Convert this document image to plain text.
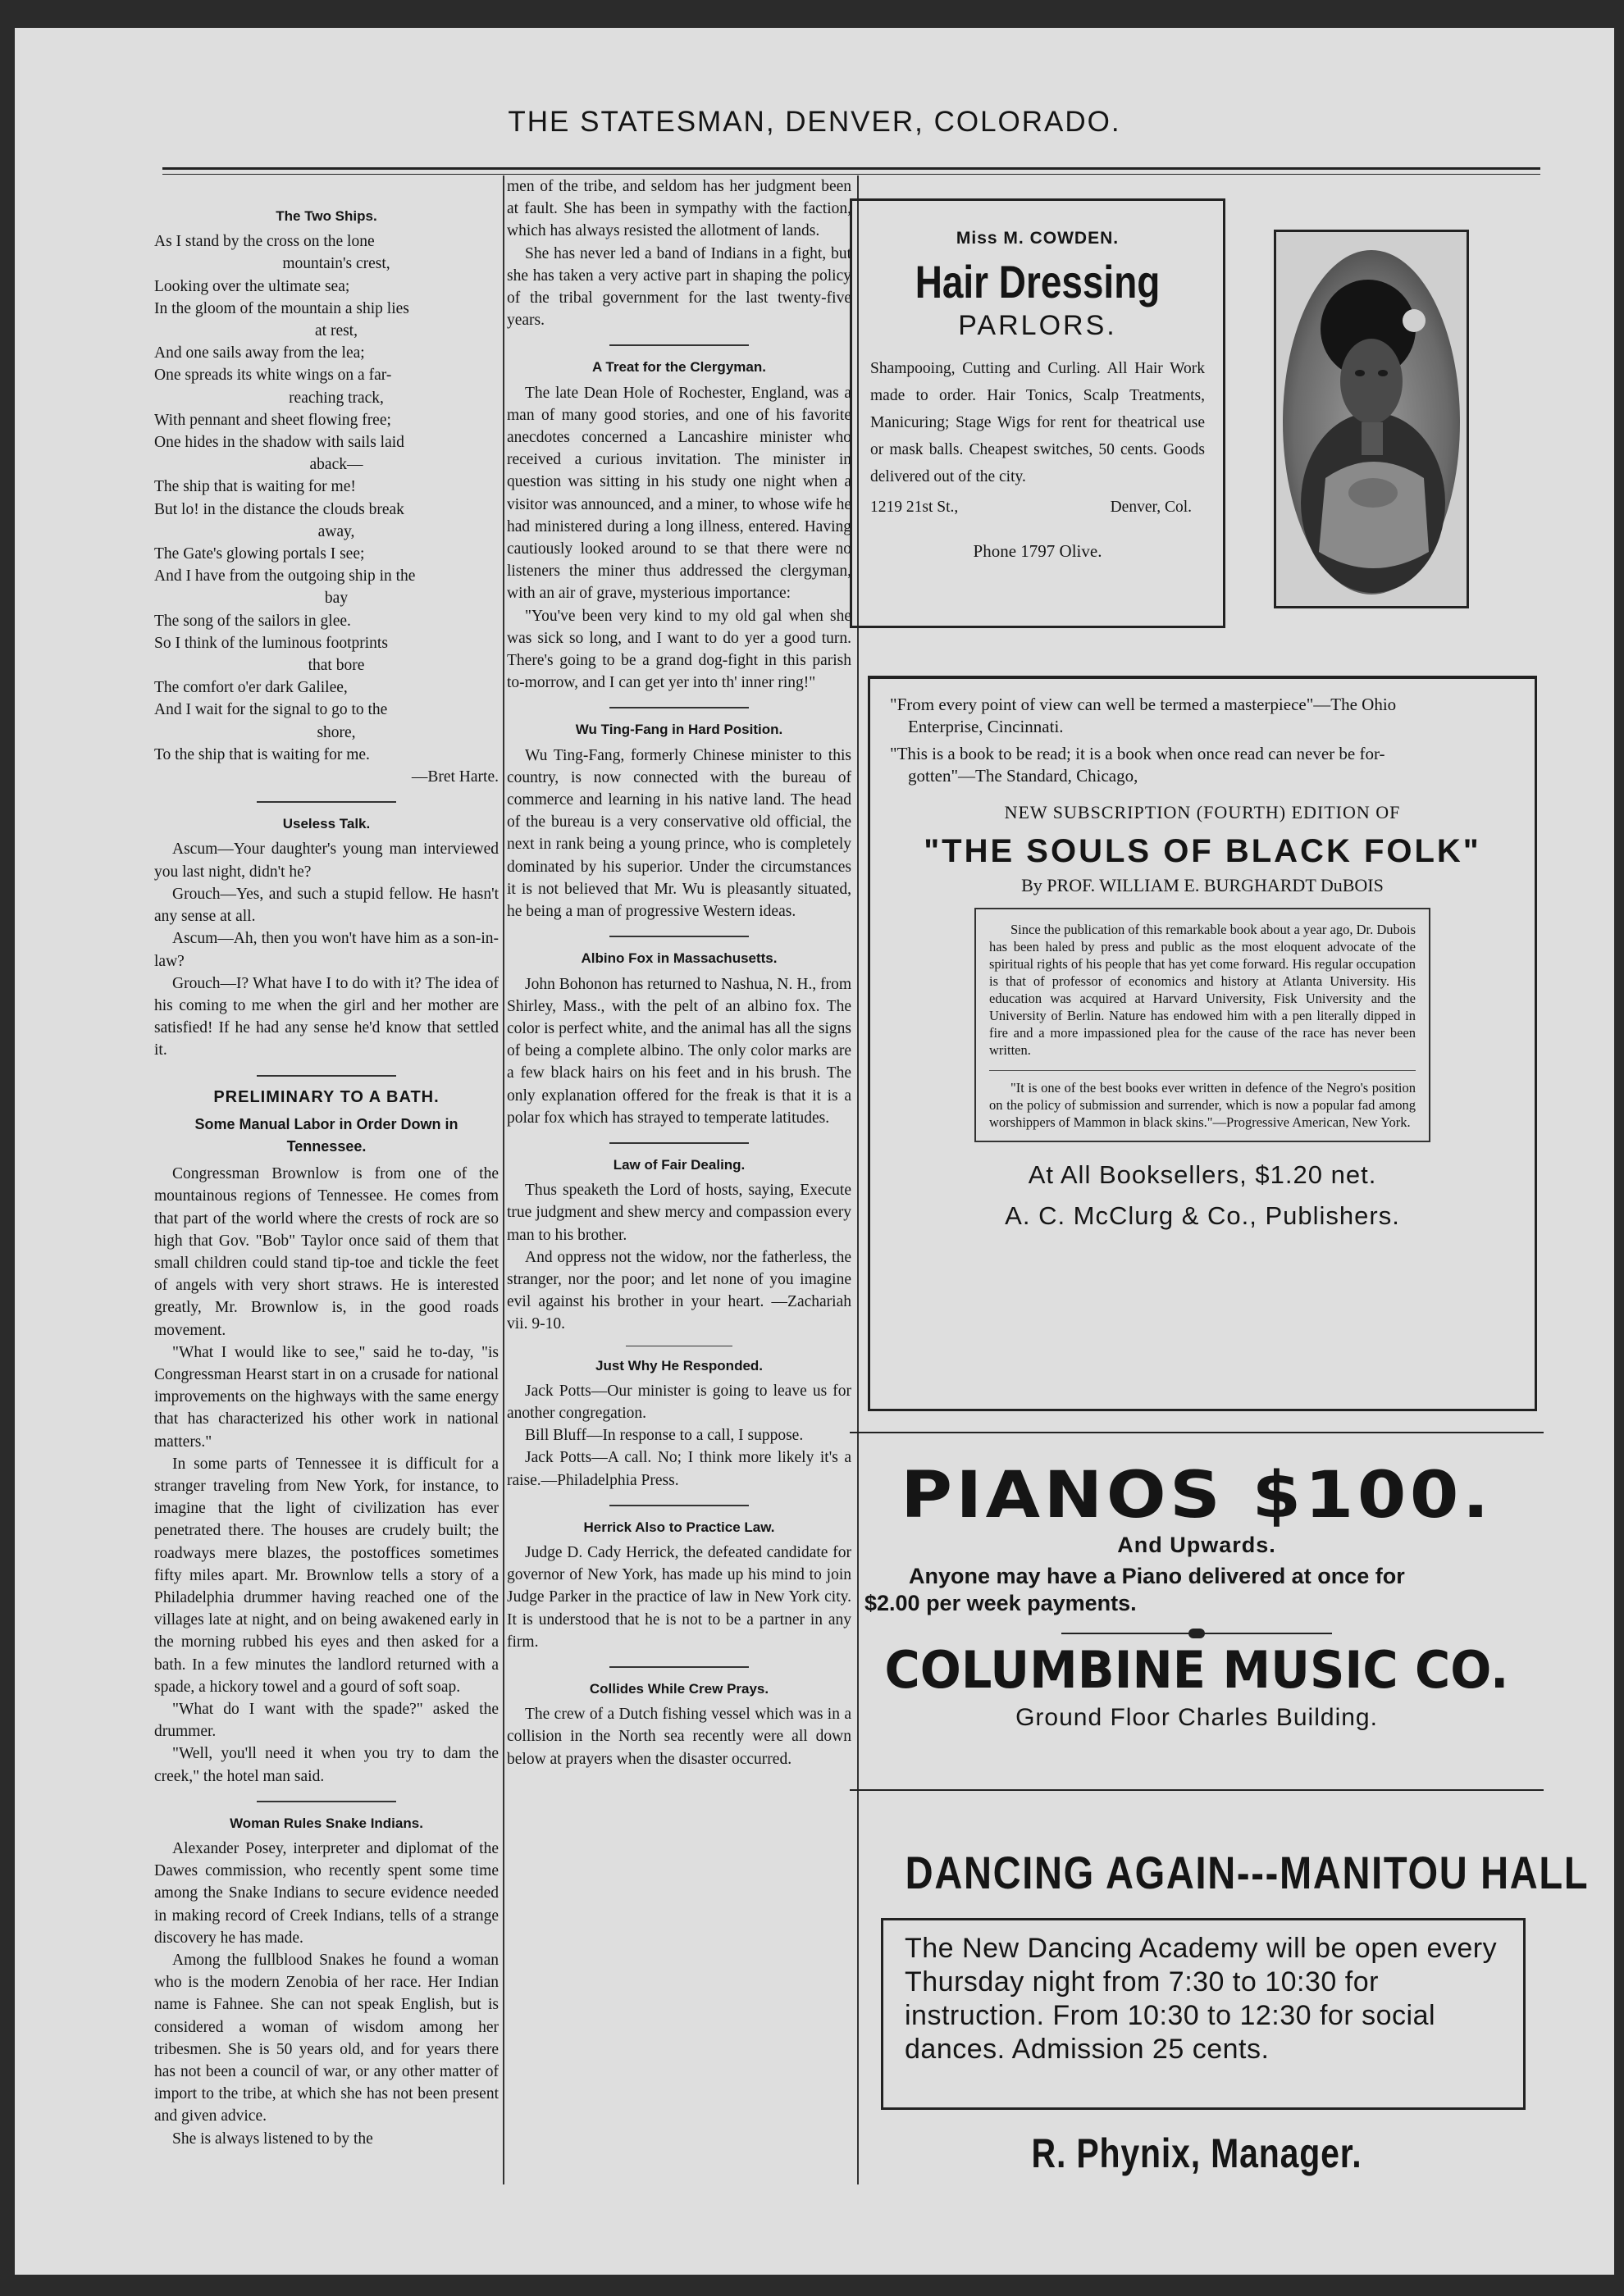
THE STATESMAN, DENVER, COLORADO.
The Two Ships.

As I stand by the cross on the lone

mountain's crest,

Looking over the ultimate sea;

In the gloom of the mountain a ship lies

at rest,

And one sails away from the lea;

One spreads its white wings on a far-

reaching track,

With pennant and sheet flowing free;

One hides in the shadow with sails laid

aback—

The ship that is waiting for me!

But lo! in the distance the clouds break

away,

The Gate's glowing portals I see;

And I have from the outgoing ship in the

bay

The song of the sailors in glee.

So I think of the luminous footprints

that bore

The comfort o'er dark Galilee,

And I wait for the signal to go to the

shore,

To the ship that is waiting for me.

—Bret Harte.
Useless Talk.

Ascum—Your daughter's young man interviewed you last night, didn't he?

Grouch—Yes, and such a stupid fellow. He hasn't any sense at all.

Ascum—Ah, then you won't have him as a son-in-law?

Grouch—I? What have I to do with it? The idea of his coming to me when the girl and her mother are satisfied! If he had any sense he'd know that settled it.

PRELIMINARY TO A BATH.
Some Manual Labor in Order Down in Tennessee.

Congressman Brownlow is from one of the mountainous regions of Tennessee. He comes from that part of the world where the crests of rock are so high that Gov. "Bob" Taylor once said of them that small children could stand tip-toe and tickle the feet of angels with very short straws. He is interested greatly, Mr. Brownlow is, in the good roads movement.

"What I would like to see," said he to-day, "is Congressman Hearst start in on a crusade for national improvements on the highways with the same energy that has characterized his other work in national matters."

In some parts of Tennessee it is difficult for a stranger traveling from New York, for instance, to imagine that the light of civilization has ever penetrated there. The houses are crudely built; the roadways mere blazes, the postoffices sometimes fifty miles apart. Mr. Brownlow tells a story of a Philadelphia drummer having reached one of the villages late at night, and on being awakened early in the morning rubbed his eyes and then asked for a bath. In a few minutes the landlord returned with a spade, a hickory towel and a gourd of soft soap.

"What do I want with the spade?" asked the drummer.

"Well, you'll need it when you try to dam the creek," the hotel man said.

Woman Rules Snake Indians.

Alexander Posey, interpreter and diplomat of the Dawes commission, who recently spent some time among the Snake Indians to secure evidence needed in making record of Creek Indians, tells of a strange discovery he has made.

Among the fullblood Snakes he found a woman who is the modern Zenobia of her race. Her Indian name is Fahnee. She can not speak English, but is considered a woman of wisdom among her tribesmen. She is 50 years old, and for years there has not been a council of war, or any other matter of import to the tribe, at which she has not been present and given advice.

She is always listened to by the

men of the tribe, and seldom has her judgment been at fault. She has been in sympathy with the faction, which has always resisted the allotment of lands.

She has never led a band of Indians in a fight, but she has taken a very active part in shaping the policy of the tribal government for the last twenty-five years.

A Treat for the Clergyman.

The late Dean Hole of Rochester, England, was a man of many good stories, and one of his favorite anecdotes concerned a Lancashire minister who received a curious invitation. The minister in question was sitting in his study one night when a visitor was announced, and a miner, to whose wife he had ministered during a long illness, entered. Having cautiously looked around to se that there were no listeners the miner thus addressed the clergyman, with an air of grave, mysterious importance:

"You've been very kind to my old gal when she was sick so long, and I want to do yer a good turn. There's going to be a grand dog-fight in this parish to-morrow, and I can get yer into th' inner ring!"

Wu Ting-Fang in Hard Position.

Wu Ting-Fang, formerly Chinese minister to this country, is now connected with the bureau of commerce and learning in his native land. The head of the bureau is a very conservative old official, the next in rank being a young prince, who is completely dominated by his superior. Under the circumstances it is not believed that Mr. Wu is pleasantly situated, he being a man of progressive Western ideas.

Albino Fox in Massachusetts.

John Bohonon has returned to Nashua, N. H., from Shirley, Mass., with the pelt of an albino fox. The color is perfect white, and the animal has all the signs of being a complete albino. The only color marks are a few black hairs on his feet and in his brush. The only explanation offered for the freak is that it is a polar fox which has strayed to temperate latitudes.

Law of Fair Dealing.

Thus speaketh the Lord of hosts, saying, Execute true judgment and shew mercy and compassion every man to his brother.

And oppress not the widow, nor the fatherless, the stranger, nor the poor; and let none of you imagine evil against his brother in your heart. —Zachariah vii. 9-10.

Just Why He Responded.

Jack Potts—Our minister is going to leave us for another congregation.

Bill Bluff—In response to a call, I suppose.

Jack Potts—A call. No; I think more likely it's a raise.—Philadelphia Press.

Herrick Also to Practice Law.

Judge D. Cady Herrick, the defeated candidate for governor of New York, has made up his mind to join Judge Parker in the practice of law in New York city. It is understood that he is not to be a partner in any firm.

Collides While Crew Prays.

The crew of a Dutch fishing vessel which was in a collision in the North sea recently were all down below at prayers when the disaster occurred.

Miss M. COWDEN.
Hair Dressing
PARLORS.
Shampooing, Cutting and Curling. All Hair Work made to order. Hair Tonics, Scalp Treatments, Manicuring; Stage Wigs for rent for theatrical use or mask balls. Cheapest switches, 50 cents. Goods delivered out of the city.
1219 21st St.,	Denver, Col.
Phone 1797 Olive.

"From every point of view can well be termed a masterpiece"—The Ohio
Enterprise, Cincinnati.

"This is a book to be read; it is a book when once read can never be for-
gotten"—The Standard, Chicago,

NEW SUBSCRIPTION (FOURTH) EDITION OF
"THE SOULS OF BLACK FOLK"
By PROF. WILLIAM E. BURGHARDT DuBOIS

Since the publication of this remarkable book about a year ago, Dr. Dubois has been haled by press and public as the most eloquent advocate of the spiritual rights of his people that has yet come forward. His regular occupation is that of professor of economics and history at Atlanta University. His education was acquired at Harvard University, Fisk University and the University of Berlin. Nature has endowed him with a pen literally dipped in fire and a more impassioned plea for the cause of the race has never been written.

"It is one of the best books ever written in defence of the Negro's position on the policy of submission and surrender, which is now a popular fad among worshippers of Mammon in black skins."—Progressive American, New York.

At All Booksellers, $1.20 net.
A. C. McClurg & Co., Publishers.
PIANOS $100.
And Upwards.
Anyone may have a Piano delivered at once for
$2.00 per week payments.
COLUMBINE MUSIC CO.
Ground Floor Charles Building.
DANCING AGAIN---MANITOU HALL

The New Dancing Academy will be open every Thursday night from 7:30 to 10:30 for instruction. From 10:30 to 12:30 for social dances. Admission 25 cents.

R. Phynix, Manager.
